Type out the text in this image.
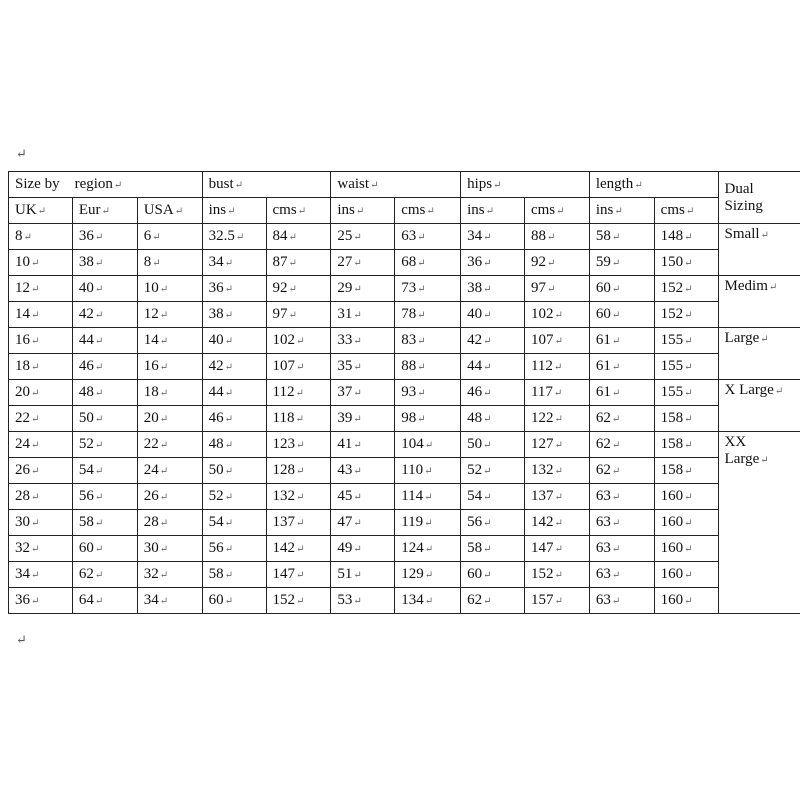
↵
Size by    region↵			bust↵		waist↵		hips↵		length↵		Dual
Sizing

UK↵	Eur↵	USA↵	ins↵	cms↵	ins↵	cms↵	ins↵	cms↵	ins↵	cms↵	
8↵	36↵	6↵	32.5↵	84↵	25↵	63↵	34↵	88↵	58↵	148↵	Small↵
10↵	38↵	8↵	34↵	87↵	27↵	68↵	36↵	92↵	59↵	150↵	
12↵	40↵	10↵	36↵	92↵	29↵	73↵	38↵	97↵	60↵	152↵	Medim↵
14↵	42↵	12↵	38↵	97↵	31↵	78↵	40↵	102↵	60↵	152↵	
16↵	44↵	14↵	40↵	102↵	33↵	83↵	42↵	107↵	61↵	155↵	Large↵
18↵	46↵	16↵	42↵	107↵	35↵	88↵	44↵	112↵	61↵	155↵	
20↵	48↵	18↵	44↵	112↵	37↵	93↵	46↵	117↵	61↵	155↵	X Large↵
22↵	50↵	20↵	46↵	118↵	39↵	98↵	48↵	122↵	62↵	158↵	
24↵	52↵	22↵	48↵	123↵	41↵	104↵	50↵	127↵	62↵	158↵	XX
Large↵

26↵	54↵	24↵	50↵	128↵	43↵	110↵	52↵	132↵	62↵	158↵	
28↵	56↵	26↵	52↵	132↵	45↵	114↵	54↵	137↵	63↵	160↵	
30↵	58↵	28↵	54↵	137↵	47↵	119↵	56↵	142↵	63↵	160↵	
32↵	60↵	30↵	56↵	142↵	49↵	124↵	58↵	147↵	63↵	160↵	
34↵	62↵	32↵	58↵	147↵	51↵	129↵	60↵	152↵	63↵	160↵	
36↵	64↵	34↵	60↵	152↵	53↵	134↵	62↵	157↵	63↵	160↵	
↵
